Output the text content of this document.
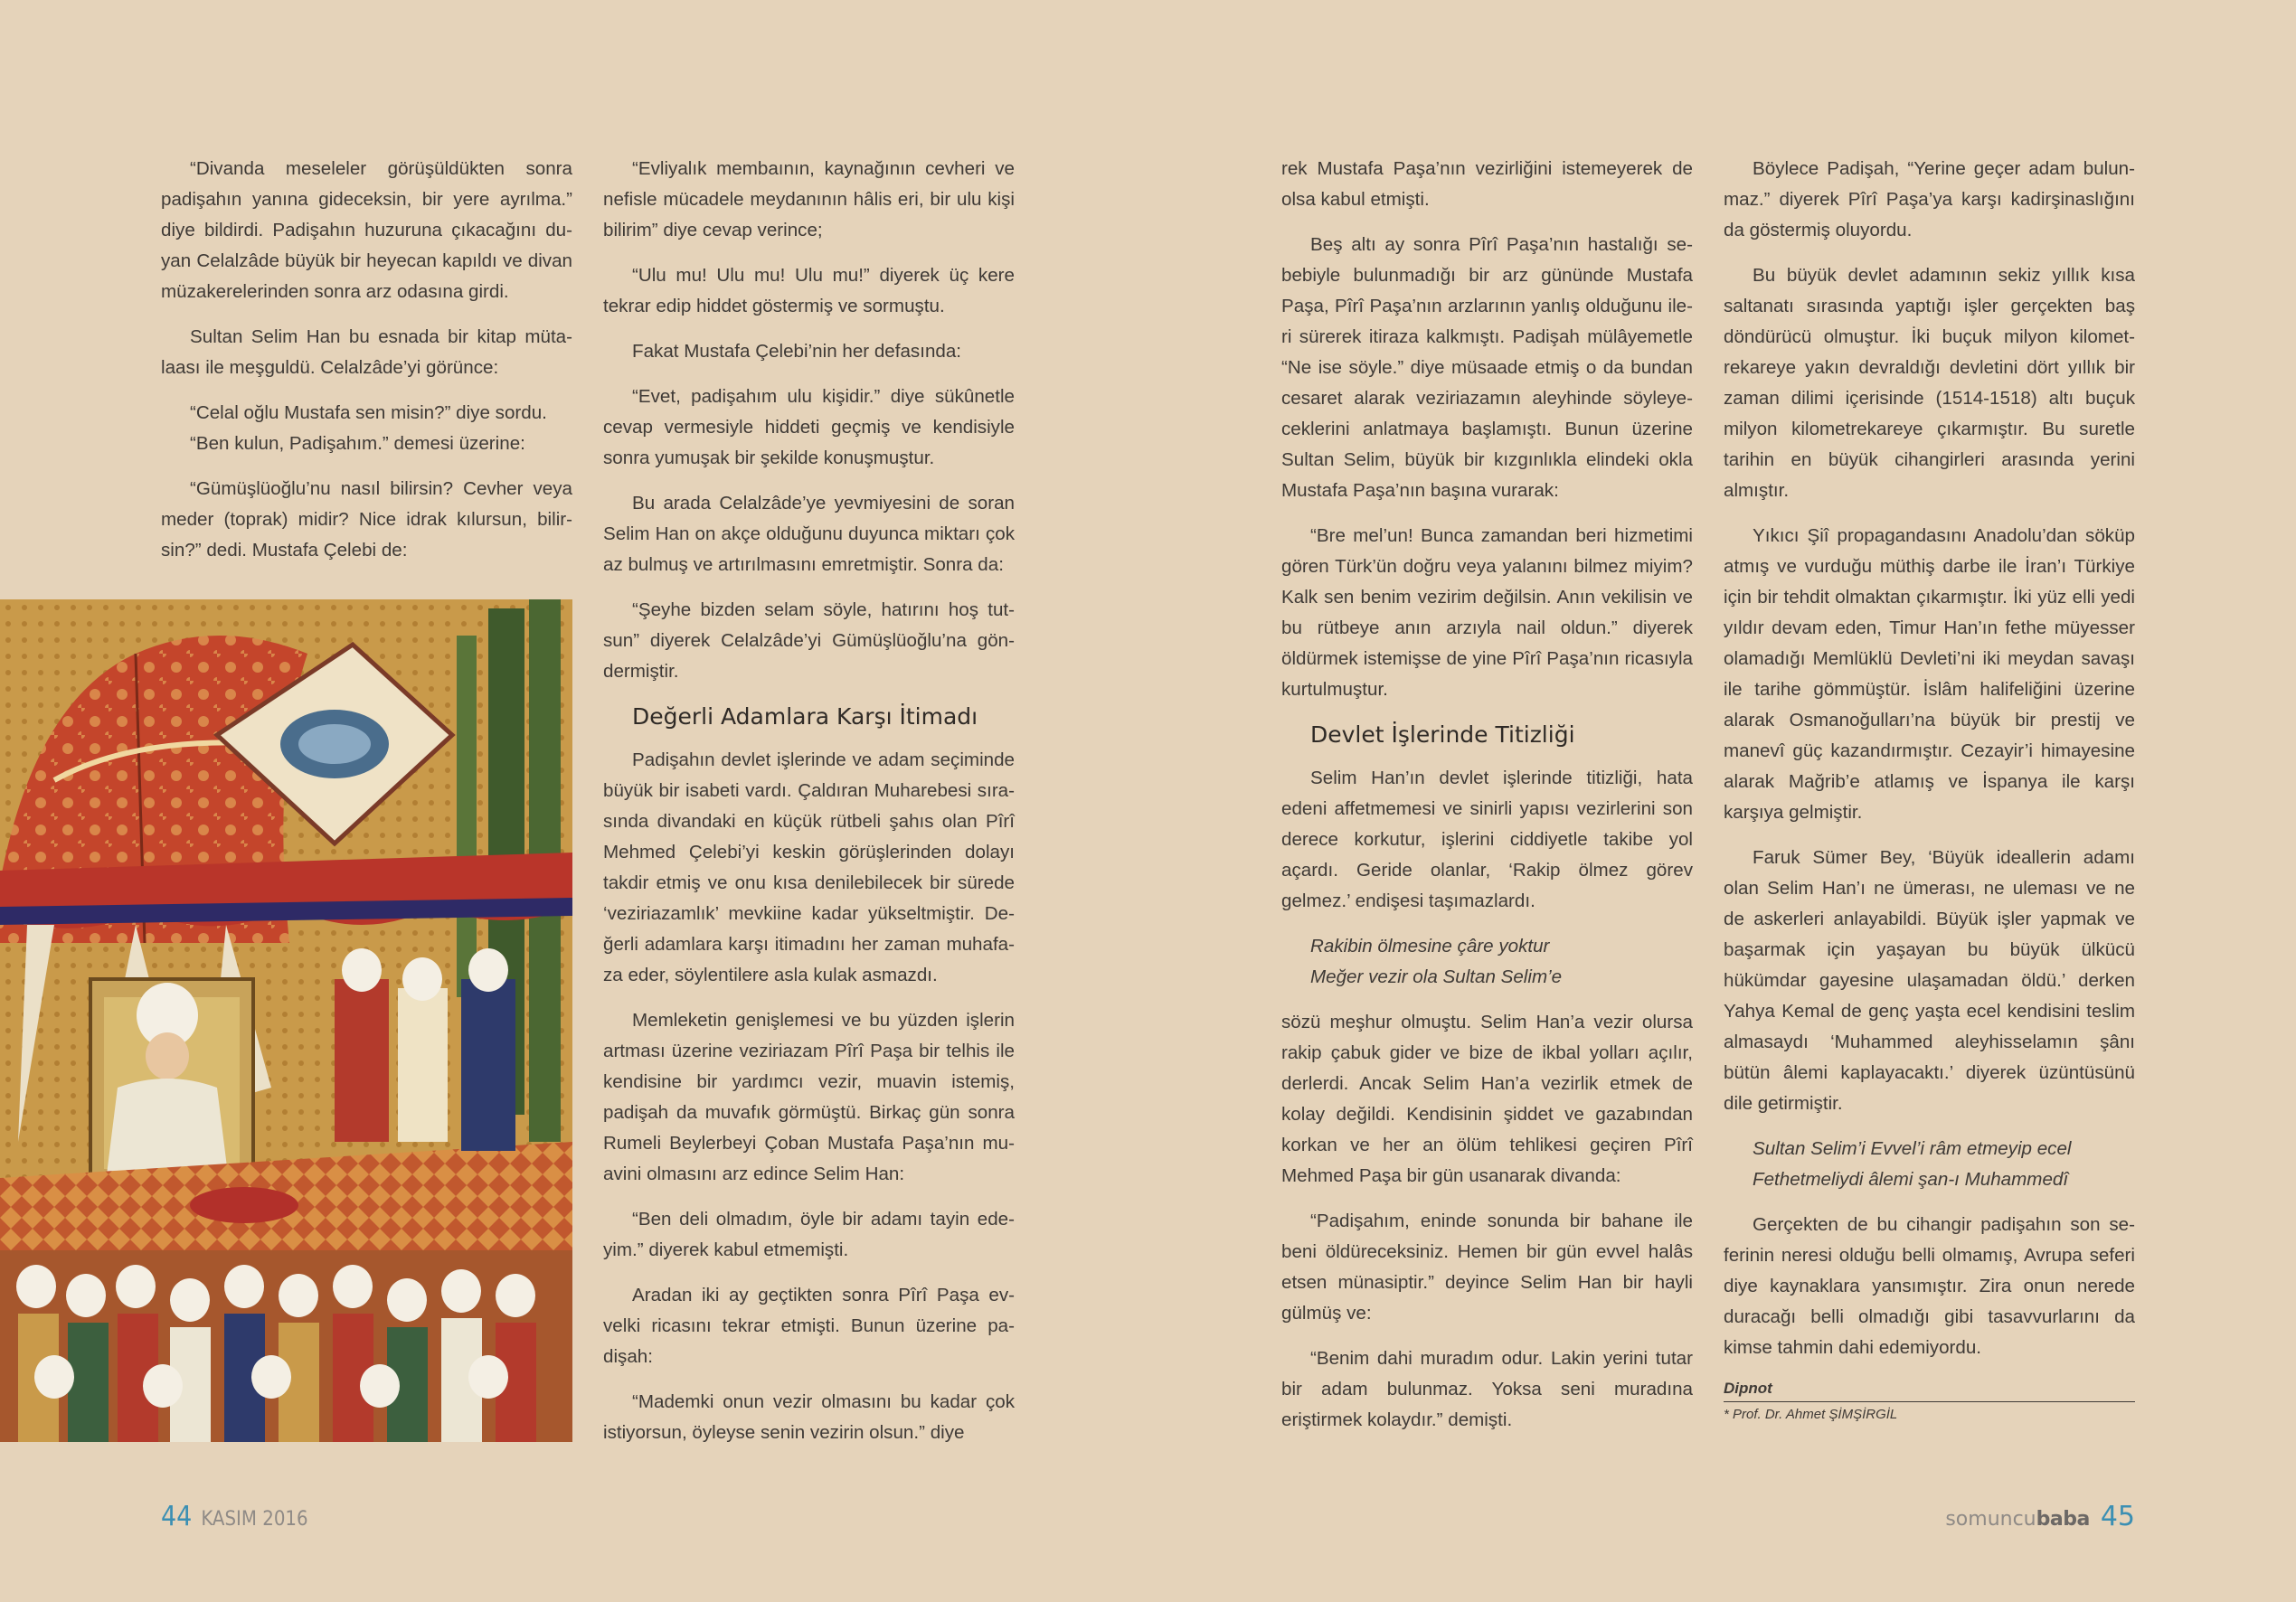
“Divanda meseleler görüşüldükten sonra padişahın yanına gideceksin, bir yere ayrılma.” diye bildirdi. Padişahın huzuruna çıkacağını duyan Celalzâde büyük bir heyecan kapıldı ve divan müzakerelerinden sonra arz odasına girdi.

Sultan Selim Han bu esnada bir kitap mütalaası ile meşguldü. Celalzâde’yi görünce:

“Celal oğlu Mustafa sen misin?” diye sordu.

“Ben kulun, Padişahım.” demesi üzerine:

“Gümüşlüoğlu’nu nasıl bilirsin? Cevher veya meder (toprak) midir? Nice idrak kılursun, bilirsin?” dedi. Mustafa Çelebi de:

“Evliyalık membaının, kaynağının cevheri ve nefisle mücadele meydanının hâlis eri, bir ulu kişi bilirim” diye cevap verince;

“Ulu mu! Ulu mu! Ulu mu!” diyerek üç kere tekrar edip hiddet göstermiş ve sormuştu.

Fakat Mustafa Çelebi’nin her defasında:

“Evet, padişahım ulu kişidir.” diye sükûnetle cevap vermesiyle hiddeti geçmiş ve kendisiyle sonra yumuşak bir şekilde konuşmuştur.

Bu arada Celalzâde’ye yevmiyesini de soran Selim Han on akçe olduğunu duyunca miktarı çok az bulmuş ve artırılmasını emretmiştir. Sonra da:

“Şeyhe bizden selam söyle, hatırını hoş tutsun” diyerek Celalzâde’yi Gümüşlüoğlu’na göndermiştir.

Değerli Adamlara Karşı İtimadı

Padişahın devlet işlerinde ve adam seçiminde büyük bir isabeti vardı. Çaldıran Muharebesi sırasında divandaki en küçük rütbeli şahıs olan Pîrî Mehmed Çelebi’yi keskin görüşlerinden dolayı takdir etmiş ve onu kısa denilebilecek bir sürede ‘veziriazamlık’ mevkiine kadar yükseltmiştir. Değerli adamlara karşı itimadını her zaman muhafaza eder, söylentilere asla kulak asmazdı.

Memleketin genişlemesi ve bu yüzden işlerin artması üzerine veziriazam Pîrî Paşa bir telhis ile kendisine bir yardımcı vezir, muavin istemiş, padişah da muvafık görmüştü. Birkaç gün sonra Rumeli Beylerbeyi Çoban Mustafa Paşa’nın muavini olmasını arz edince Selim Han:

“Ben deli olmadım, öyle bir adamı tayin edeyim.” diyerek kabul etmemişti.

Aradan iki ay geçtikten sonra Pîrî Paşa evvelki ricasını tekrar etmişti. Bunun üzerine padişah:

“Mademki onun vezir olmasını bu kadar çok istiyorsun, öyleyse senin vezirin olsun.” diye

rek Mustafa Paşa’nın vezirliğini istemeyerek de olsa kabul etmişti.

Beş altı ay sonra Pîrî Paşa’nın hastalığı sebebiyle bulunmadığı bir arz gününde Mustafa Paşa, Pîrî Paşa’nın arzlarının yanlış olduğunu ileri sürerek itiraza kalkmıştı. Padişah mülâyemetle “Ne ise söyle.” diye müsaade etmiş o da bundan cesaret alarak veziriazamın aleyhinde söyleyeceklerini anlatmaya başlamıştı. Bunun üzerine Sultan Selim, büyük bir kızgınlıkla elindeki okla Mustafa Paşa’nın başına vurarak:

“Bre mel’un! Bunca zamandan beri hizmetimi gören Türk’ün doğru veya yalanını bilmez miyim? Kalk sen benim vezirim değilsin. Anın vekilisin ve bu rütbeye anın arzıyla nail oldun.” diyerek öldürmek istemişse de yine Pîrî Paşa’nın ricasıyla kurtulmuştur.

Devlet İşlerinde Titizliği

Selim Han’ın devlet işlerinde titizliği, hata edeni affetmemesi ve sinirli yapısı vezirlerini son derece korkutur, işlerini ciddiyetle takibe yol açardı. Geride olanlar, ‘Rakip ölmez görev gelmez.’ endişesi taşımazlardı.

Rakibin ölmesine çâre yoktur
Meğer vezir ola Sultan Selim’e

sözü meşhur olmuştu. Selim Han’a vezir olursa rakip çabuk gider ve bize de ikbal yolları açılır, derlerdi. Ancak Selim Han’a vezirlik etmek de kolay değildi. Kendisinin şiddet ve gazabından korkan ve her an ölüm tehlikesi geçiren Pîrî Mehmed Paşa bir gün usanarak divanda:

“Padişahım, eninde sonunda bir bahane ile beni öldüreceksiniz. Hemen bir gün evvel halâs etsen münasiptir.” deyince Selim Han bir hayli gülmüş ve:

“Benim dahi muradım odur. Lakin yerini tutar bir adam bulunmaz. Yoksa seni muradına eriştirmek kolaydır.” demişti.

Böylece Padişah, “Yerine geçer adam bulunmaz.” diyerek Pîrî Paşa’ya karşı kadirşinaslığını da göstermiş oluyordu.

Bu büyük devlet adamının sekiz yıllık kısa saltanatı sırasında yaptığı işler gerçekten baş döndürücü olmuştur. İki buçuk milyon kilometrekareye yakın devraldığı devletini dört yıllık bir zaman dilimi içerisinde (1514-1518) altı buçuk milyon kilometrekareye çıkarmıştır. Bu suretle tarihin en büyük cihangirleri arasında yerini almıştır.

Yıkıcı Şiî propagandasını Anadolu’dan söküp atmış ve vurduğu müthiş darbe ile İran’ı Türkiye için bir tehdit olmaktan çıkarmıştır. İki yüz elli yedi yıldır devam eden, Timur Han’ın fethe müyesser olamadığı Memlüklü Devleti’ni iki meydan savaşı ile tarihe gömmüştür. İslâm halifeliğini üzerine alarak Osmanoğulları’na büyük bir prestij ve manevî güç kazandırmıştır. Cezayir’i himayesine alarak Mağrib’e atlamış ve İspanya ile karşı karşıya gelmiştir.

Faruk Sümer Bey, ‘Büyük ideallerin adamı olan Selim Han’ı ne ümerası, ne uleması ve ne de askerleri anlayabildi. Büyük işler yapmak ve başarmak için yaşayan bu büyük ülkücü hükümdar gayesine ulaşamadan öldü.’ derken Yahya Kemal de genç yaşta ecel kendisini teslim almasaydı ‘Muhammed aleyhisselamın şânı bütün âlemi kaplayacaktı.’ diyerek üzüntüsünü dile getirmiştir.

Sultan Selim’i Evvel’i râm etmeyip ecel
Fethetmeliydi âlemi şan-ı Muhammedî

Gerçekten de bu cihangir padişahın son seferinin neresi olduğu belli olmamış, Avrupa seferi diye kaynaklara yansımıştır. Zira onun nerede duracağı belli olmadığı gibi tasavvurlarını da kimse tahmin dahi edemiyordu.

Dipnot
* Prof. Dr. Ahmet ŞİMŞİRGİL
44 KASIM 2016	somuncubaba 45
